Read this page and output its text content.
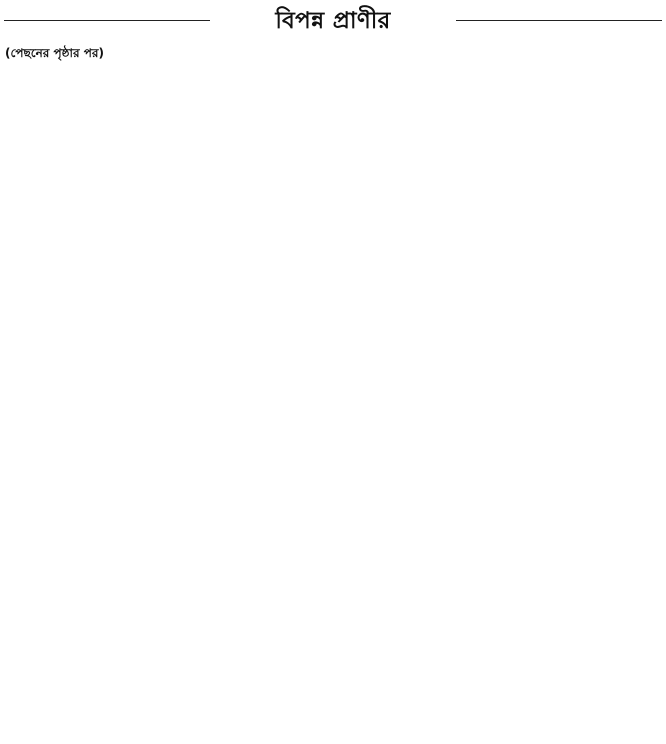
বিপন্ন প্রাণীর
(পেছনের পৃষ্ঠার পর)
